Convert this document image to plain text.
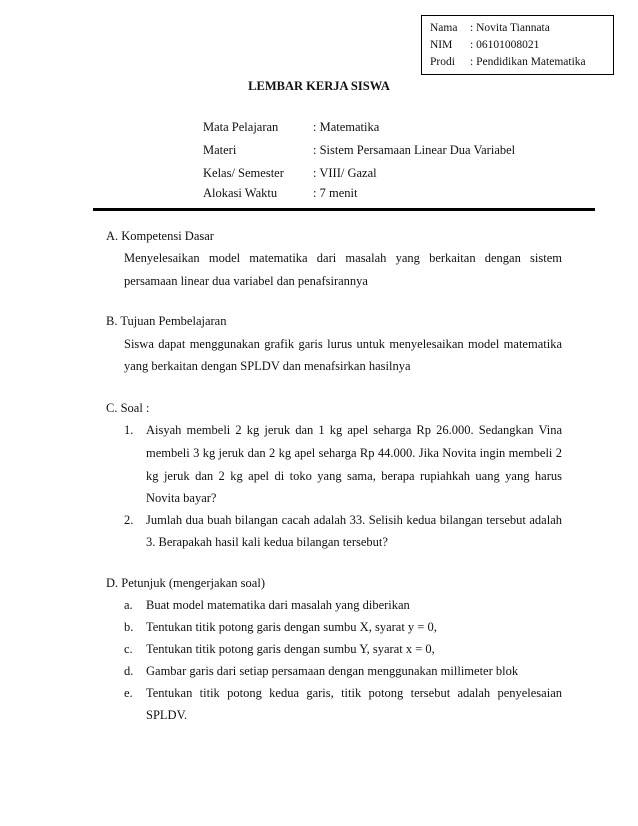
Nama : Novita Tiannata
NIM : 06101008021
Prodi : Pendidikan Matematika
LEMBAR KERJA SISWA
Mata Pelajaran	: Matematika
Materi	: Sistem Persamaan Linear Dua Variabel
Kelas/ Semester : VIII/ Gazal
Alokasi Waktu	: 7 menit
A. Kompetensi Dasar
Menyelesaikan model matematika dari masalah yang berkaitan dengan sistem
persamaan linear dua variabel dan penafsirannya
B. Tujuan Pembelajaran
Siswa dapat menggunakan grafik garis lurus untuk menyelesaikan model matematika
yang berkaitan dengan SPLDV dan menafsirkan hasilnya
C. Soal :
1. Aisyah membeli 2 kg jeruk dan 1 kg apel seharga Rp 26.000. Sedangkan Vina
membeli 3 kg jeruk dan 2 kg apel seharga Rp 44.000. Jika Novita ingin membeli 2
kg jeruk dan 2 kg apel di toko yang sama, berapa rupiahkah uang yang harus
Novita bayar?
2. Jumlah dua buah bilangan cacah adalah 33. Selisih kedua bilangan tersebut adalah
3. Berapakah hasil kali kedua bilangan tersebut?
D. Petunjuk (mengerjakan soal)
a. Buat model matematika dari masalah yang diberikan
b. Tentukan titik potong garis dengan sumbu X, syarat y = 0,
c. Tentukan titik potong garis dengan sumbu Y, syarat x = 0,
d. Gambar garis dari setiap persamaan dengan menggunakan millimeter blok
e. Tentukan titik potong kedua garis, titik potong tersebut adalah penyelesaian
SPLDV.
